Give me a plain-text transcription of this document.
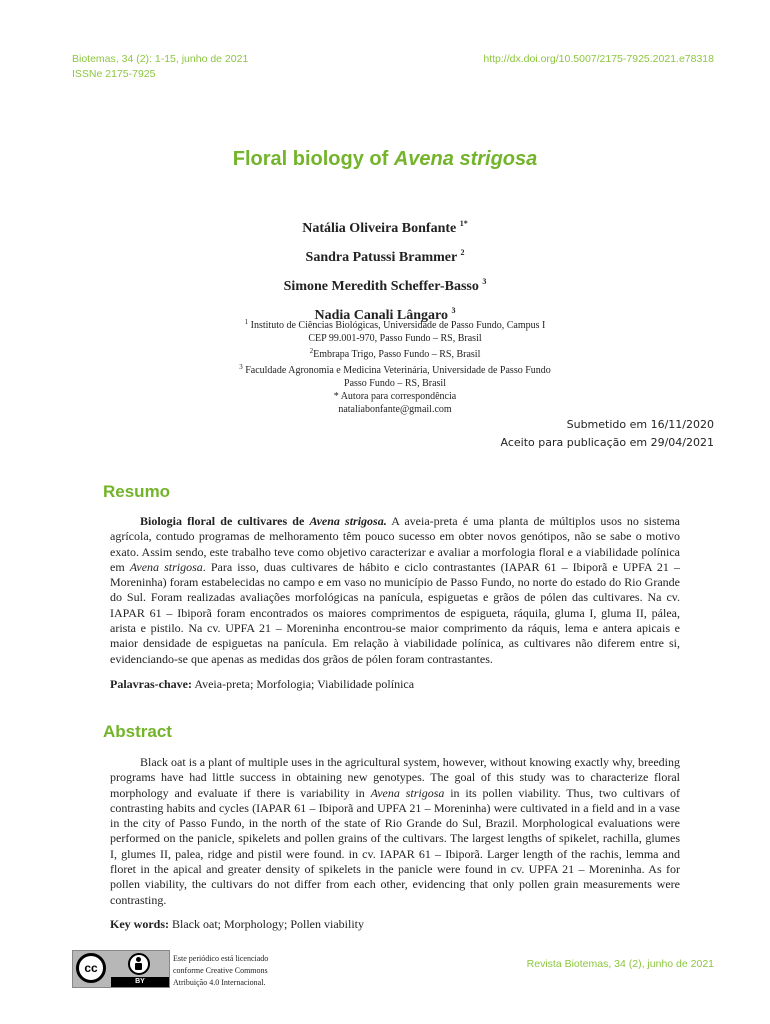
Biotemas, 34 (2): 1-15, junho de 2021
ISSNe 2175-7925
http://dx.doi.org/10.5007/2175-7925.2021.e78318
Floral biology of Avena strigosa
Natália Oliveira Bonfante $^{1*}$
Sandra Patussi Brammer $^2$
Simone Meredith Scheffer-Basso $^3$
Nadia Canali Lângaro $^3$
$^1$ Instituto de Ciências Biológicas, Universidade de Passo Fundo, Campus I
CEP 99.001-970, Passo Fundo – RS, Brasil
$^2$Embrapa Trigo, Passo Fundo – RS, Brasil
$^3$ Faculdade Agronomia e Medicina Veterinária, Universidade de Passo Fundo
Passo Fundo – RS, Brasil
* Autora para correspondência
nataliabonfante@gmail.com
Submetido em 16/11/2020
Aceito para publicação em 29/04/2021
Resumo
Biologia floral de cultivares de Avena strigosa. A aveia-preta é uma planta de múltiplos usos no sistema agrícola, contudo programas de melhoramento têm pouco sucesso em obter novos genótipos, não se sabe o motivo exato. Assim sendo, este trabalho teve como objetivo caracterizar e avaliar a morfologia floral e a viabilidade polínica em Avena strigosa. Para isso, duas cultivares de hábito e ciclo contrastantes (IAPAR 61 – Ibiporã e UPFA 21 – Moreninha) foram estabelecidas no campo e em vaso no município de Passo Fundo, no norte do estado do Rio Grande do Sul. Foram realizadas avaliações morfológicas na panícula, espiguetas e grãos de pólen das cultivares. Na cv. IAPAR 61 – Ibiporã foram encontrados os maiores comprimentos de espigueta, ráquila, gluma I, gluma II, pálea, arista e pistilo. Na cv. UPFA 21 – Moreninha encontrou-se maior comprimento da ráquis, lema e antera apicais e maior densidade de espiguetas na panícula. Em relação à viabilidade polínica, as cultivares não diferem entre si, evidenciando-se que apenas as medidas dos grãos de pólen foram contrastantes.
Palavras-chave: Aveia-preta; Morfologia; Viabilidade polínica
Abstract
Black oat is a plant of multiple uses in the agricultural system, however, without knowing exactly why, breeding programs have had little success in obtaining new genotypes. The goal of this study was to characterize floral morphology and evaluate if there is variability in Avena strigosa in its pollen viability. Thus, two cultivars of contrasting habits and cycles (IAPAR 61 – Ibiporã and UPFA 21 – Moreninha) were cultivated in a field and in a vase in the city of Passo Fundo, in the north of the state of Rio Grande do Sul, Brazil. Morphological evaluations were performed on the panicle, spikelets and pollen grains of the cultivars. The largest lengths of spikelet, rachilla, glumes I, glumes II, palea, ridge and pistil were found. in cv. IAPAR 61 – Ibiporã. Larger length of the rachis, lemma and floret in the apical and greater density of spikelets in the panicle were found in cv. UPFA 21 – Moreninha. As for pollen viability, the cultivars do not differ from each other, evidencing that only pollen grain measurements were contrasting.
Key words: Black oat; Morphology; Pollen viability
cc
BY
Este periódico está licenciado
conforme Creative Commons
Atribuição 4.0 Internacional.
Revista Biotemas, 34 (2), junho de 2021
